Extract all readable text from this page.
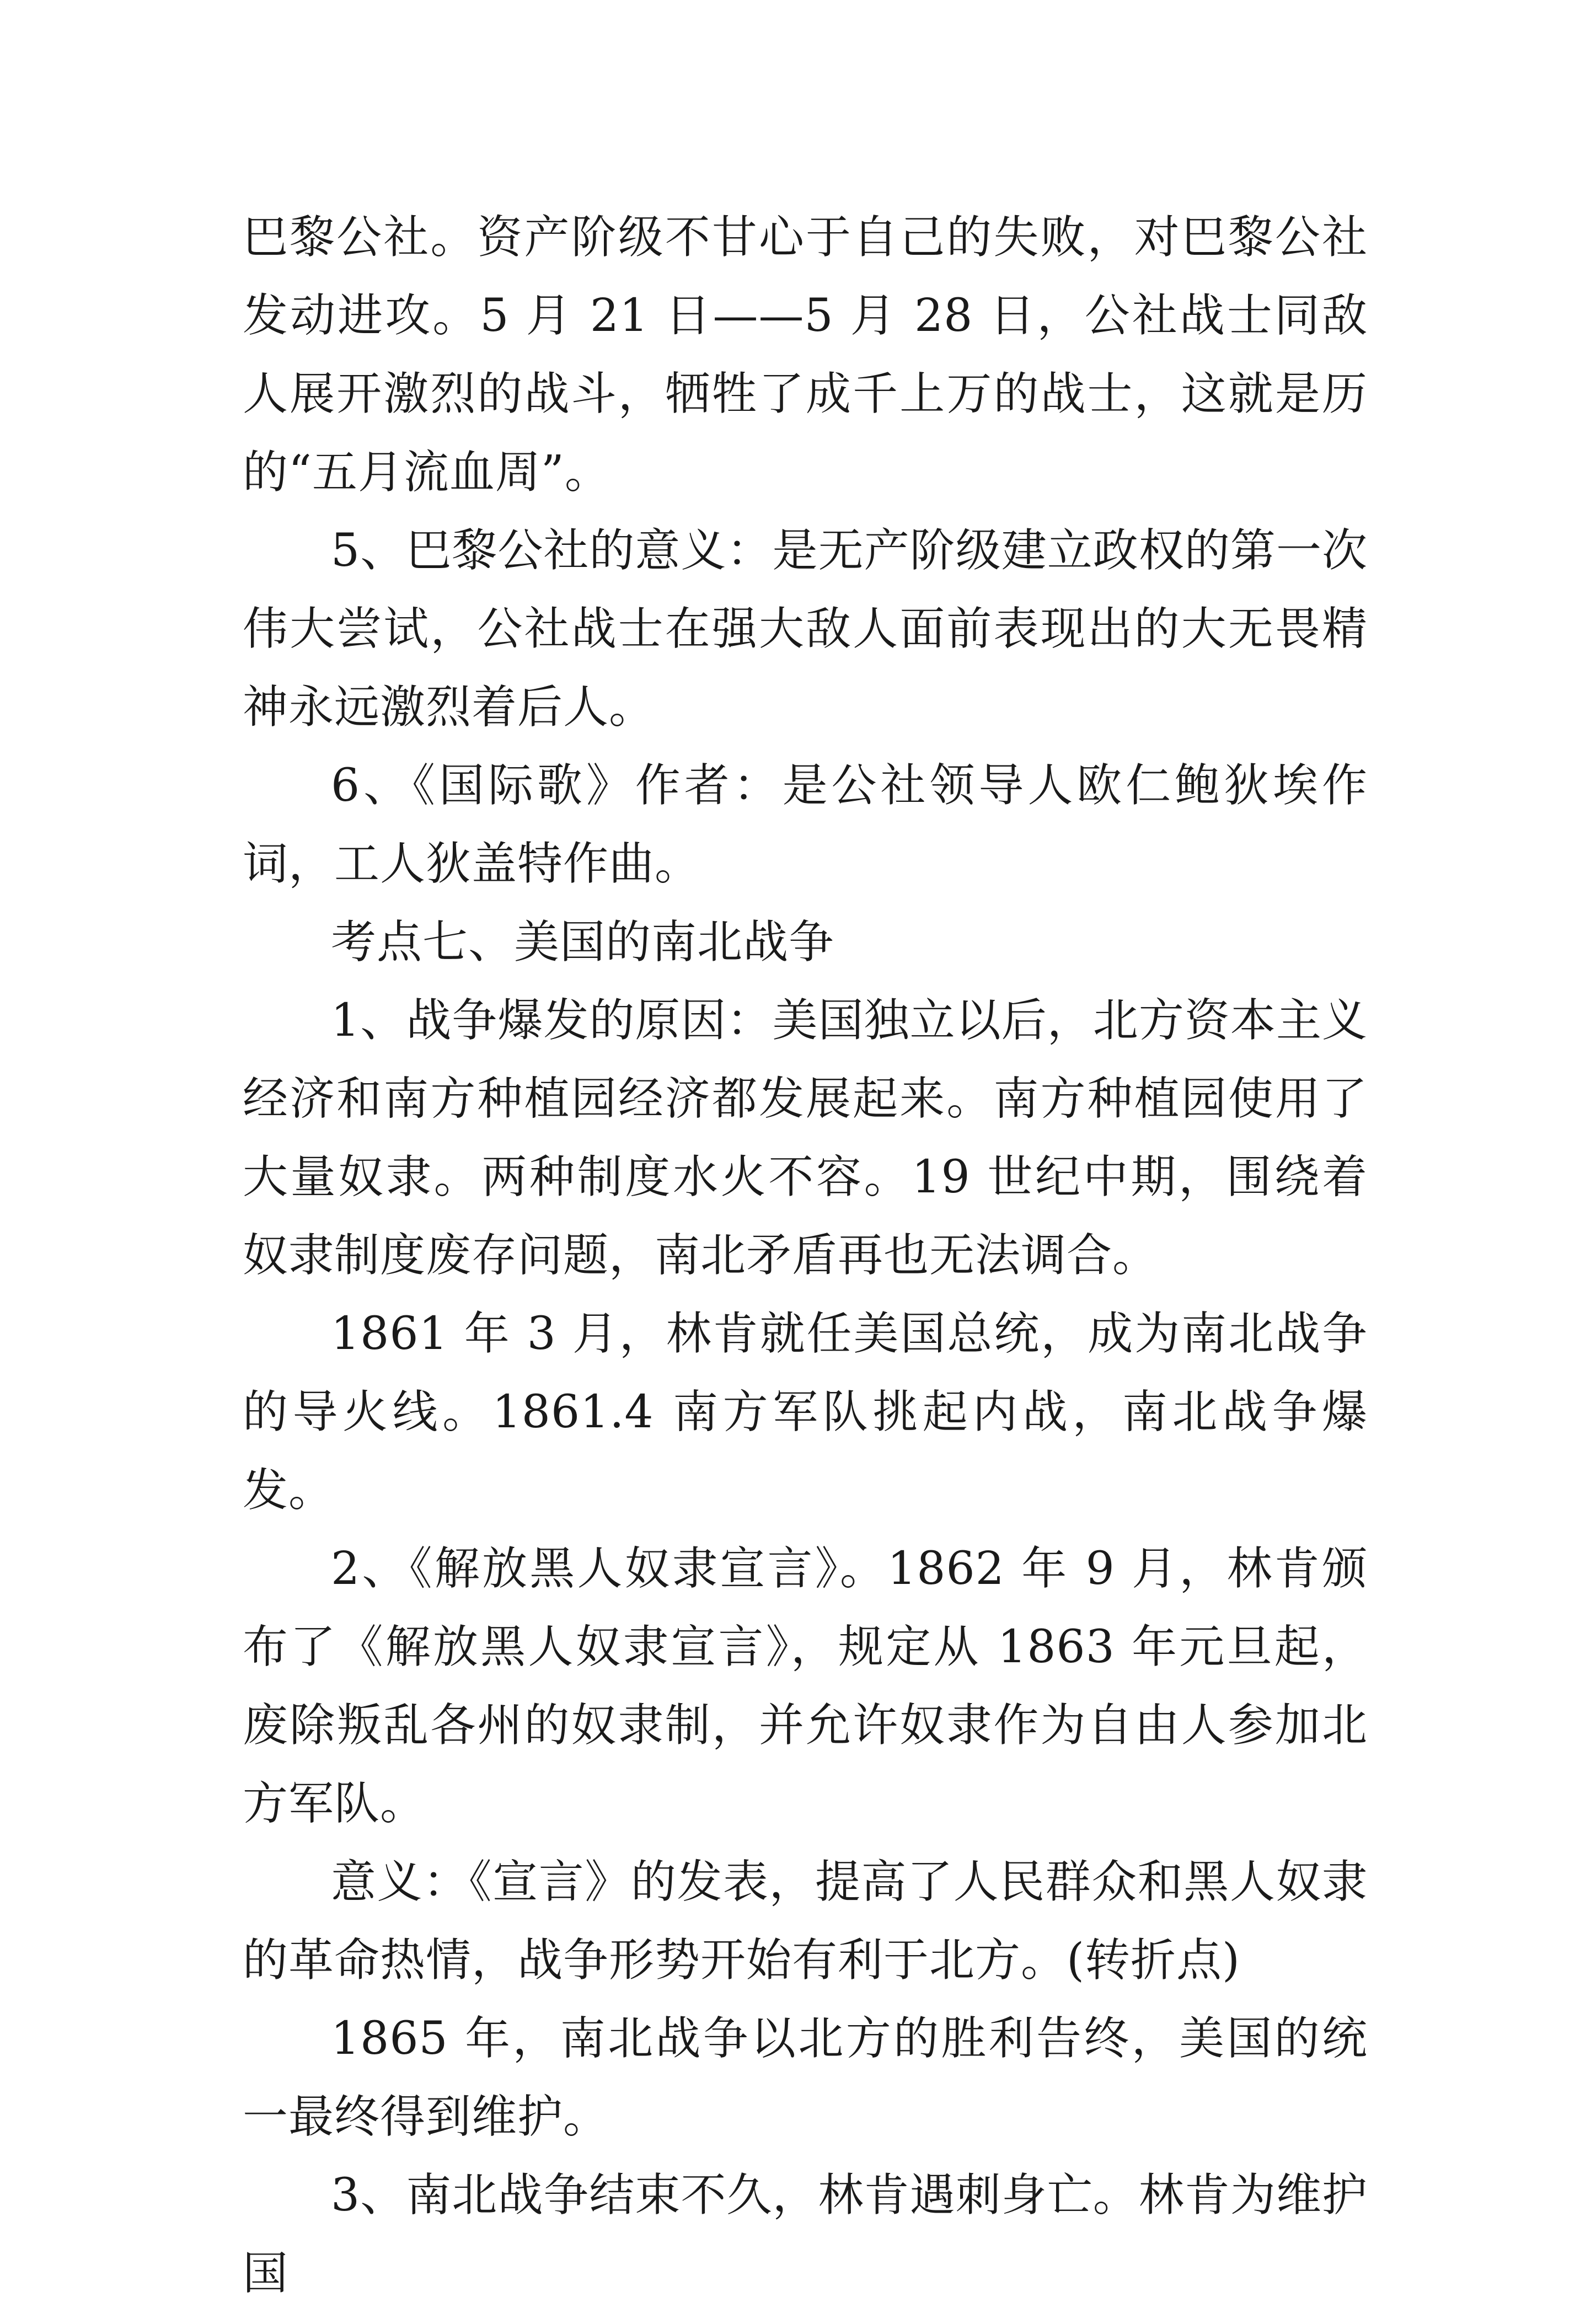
巴黎公社。资产阶级不甘心于自己的失败，对巴黎公社发动进攻。5 月 21 日——5 月 28 日，公社战士同敌人展开激烈的战斗，牺牲了成千上万的战士，这就是历的“五月流血周”。

5、巴黎公社的意义：是无产阶级建立政权的第一次伟大尝试，公社战士在强大敌人面前表现出的大无畏精神永远激烈着后人。

6、《国际歌》作者：是公社领导人欧仁鲍狄埃作词，工人狄盖特作曲。

考点七、美国的南北战争

1、战争爆发的原因：美国独立以后，北方资本主义经济和南方种植园经济都发展起来。南方种植园使用了大量奴隶。两种制度水火不容。19 世纪中期，围绕着奴隶制度废存问题，南北矛盾再也无法调合。

1861 年 3 月，林肯就任美国总统，成为南北战争的导火线。1861.4 南方军队挑起内战，南北战争爆发。

2、《解放黑人奴隶宣言》。1862 年 9 月，林肯颁布了《解放黑人奴隶宣言》，规定从 1863 年元旦起，废除叛乱各州的奴隶制，并允许奴隶作为自由人参加北方军队。

意义：《宣言》的发表，提高了人民群众和黑人奴隶的革命热情，战争形势开始有利于北方。(转折点)

1865 年，南北战争以北方的胜利告终，美国的统一最终得到维护。

3、南北战争结束不久，林肯遇刺身亡。林肯为维护国
